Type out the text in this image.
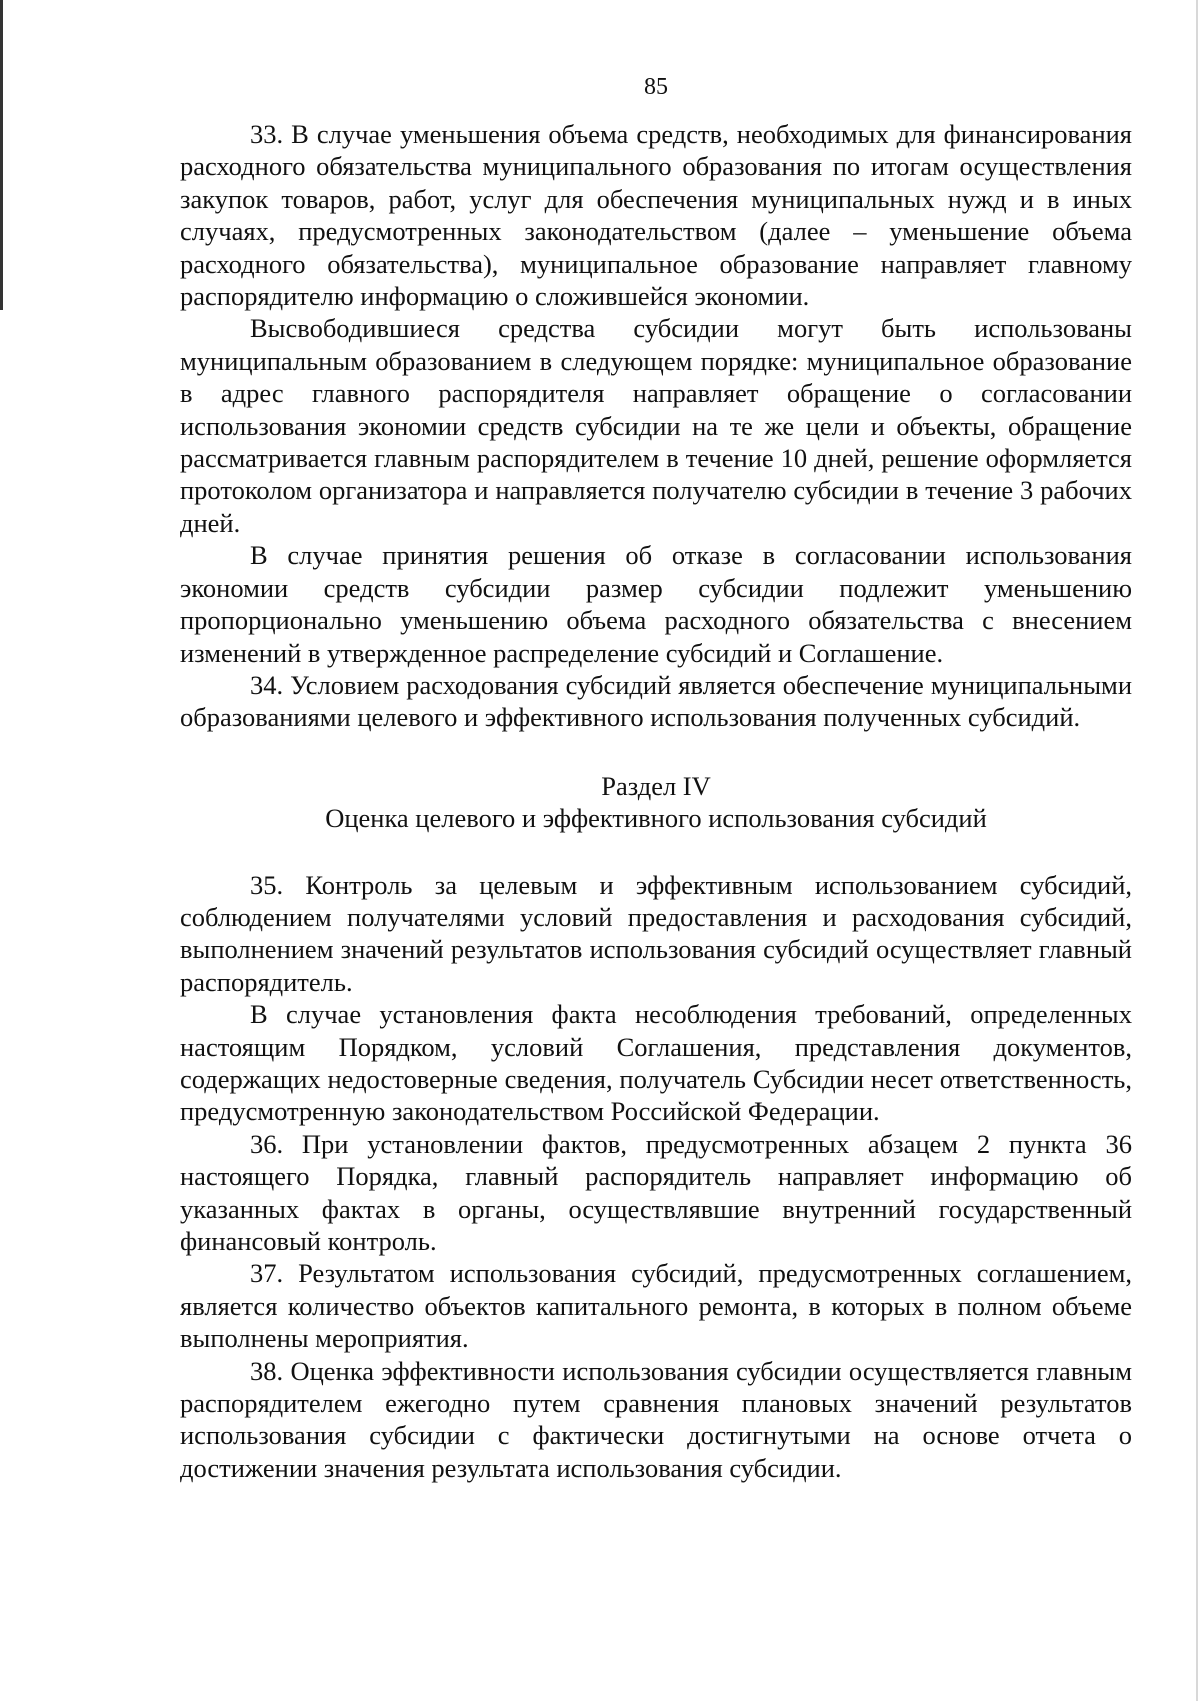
85

33. В случае уменьшения объема средств, необходимых для финансирования расходного обязательства муниципального образования по итогам осуществления закупок товаров, работ, услуг для обеспечения муниципальных нужд и в иных случаях, предусмотренных законодательством (далее – уменьшение объема расходного обязательства), муниципальное образование направляет главному распорядителю информацию о сложившейся экономии.

Высвободившиеся средства субсидии могут быть использованы муниципальным образованием в следующем порядке: муниципальное образование в адрес главного распорядителя направляет обращение о согласовании использования экономии средств субсидии на те же цели и объекты, обращение рассматривается главным распорядителем в течение 10 дней, решение оформляется протоколом организатора и направляется получателю субсидии в течение 3 рабочих дней.

В случае принятия решения об отказе в согласовании использования экономии средств субсидии размер субсидии подлежит уменьшению пропорционально уменьшению объема расходного обязательства с внесением изменений в утвержденное распределение субсидий и Соглашение.

34. Условием расходования субсидий является обеспечение муниципальными образованиями целевого и эффективного использования полученных субсидий.

Раздел IV

Оценка целевого и эффективного использования субсидий

35. Контроль за целевым и эффективным использованием субсидий, соблюдением получателями условий предоставления и расходования субсидий, выполнением значений результатов использования субсидий осуществляет главный распорядитель.

В случае установления факта несоблюдения требований, определенных настоящим Порядком, условий Соглашения, представления документов, содержащих недостоверные сведения, получатель Субсидии несет ответственность, предусмотренную законодательством Российской Федерации.

36. При установлении фактов, предусмотренных абзацем 2 пункта 36 настоящего Порядка, главный распорядитель направляет информацию об указанных фактах в органы, осуществлявшие внутренний государственный финансовый контроль.

37. Результатом использования субсидий, предусмотренных соглашением, является количество объектов капитального ремонта, в которых в полном объеме выполнены мероприятия.

38. Оценка эффективности использования субсидии осуществляется главным распорядителем ежегодно путем сравнения плановых значений результатов использования субсидии с фактически достигнутыми на основе отчета о достижении значения результата использования субсидии.
